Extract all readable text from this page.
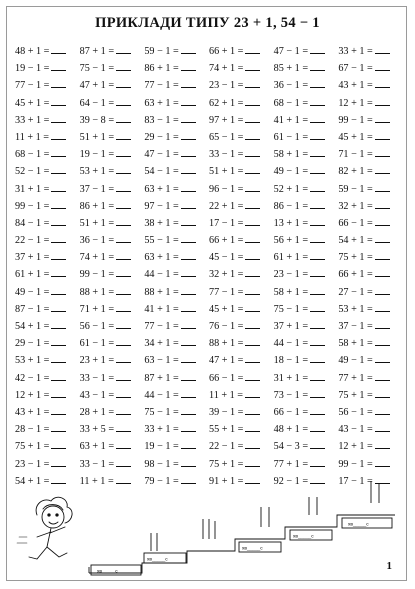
ПРИКЛАДИ ТИПУ 23 + 1, 54 − 1
48 + 1 =	87 + 1 =	59 − 1 =	66 + 1 =	47 − 1 =	33 + 1 =
19 − 1 =	75 − 1 =	86 + 1 =	74 + 1 =	85 + 1 =	67 − 1 =
77 − 1 =	47 + 1 =	77 − 1 =	23 − 1 =	36 − 1 =	43 + 1 =
45 + 1 =	64 − 1 =	63 + 1 =	62 + 1 =	68 − 1 =	12 + 1 =
33 + 1 =	39 − 8 =	83 − 1 =	97 + 1 =	41 + 1 =	99 − 1 =
11 + 1 =	51 + 1 =	29 − 1 =	65 − 1 =	61 − 1 =	45 + 1 =
68 − 1 =	19 − 1 =	47 − 1 =	33 − 1 =	58 + 1 =	71 − 1 =
52 − 1 =	53 + 1 =	54 − 1 =	51 + 1 =	49 − 1 =	82 + 1 =
31 + 1 =	37 − 1 =	63 + 1 =	96 − 1 =	52 + 1 =	59 − 1 =
99 − 1 =	86 + 1 =	97 − 1 =	22 + 1 =	86 − 1 =	32 + 1 =
84 − 1 =	51 + 1 =	38 + 1 =	17 − 1 =	13 + 1 =	66 − 1 =
22 − 1 =	36 − 1 =	55 − 1 =	66 + 1 =	56 + 1 =	54 + 1 =
37 + 1 =	74 + 1 =	63 + 1 =	45 − 1 =	61 + 1 =	75 + 1 =
61 + 1 =	99 − 1 =	44 − 1 =	32 + 1 =	23 − 1 =	66 + 1 =
49 − 1 =	88 + 1 =	88 + 1 =	77 − 1 =	58 + 1 =	27 − 1 =
87 − 1 =	71 + 1 =	41 + 1 =	45 + 1 =	75 − 1 =	53 + 1 =
54 + 1 =	56 − 1 =	77 − 1 =	76 − 1 =	37 + 1 =	37 − 1 =
29 − 1 =	61 − 1 =	34 + 1 =	88 + 1 =	44 − 1 =	58 + 1 =
53 + 1 =	23 + 1 =	63 − 1 =	47 + 1 =	18 − 1 =	49 − 1 =
42 − 1 =	33 − 1 =	87 + 1 =	66 − 1 =	31 + 1 =	77 + 1 =
12 + 1 =	43 − 1 =	44 − 1 =	11 + 1 =	73 − 1 =	75 + 1 =
43 + 1 =	28 + 1 =	75 − 1 =	39 − 1 =	66 − 1 =	56 − 1 =
28 − 1 =	33 + 5 =	33 + 1 =	55 + 1 =	48 + 1 =	43 − 1 =
75 + 1 =	63 + 1 =	19 − 1 =	22 − 1 =	54 − 3 =	12 + 1 =
23 − 1 =	33 − 1 =	98 − 1 =	75 + 1 =	77 + 1 =	99 − 1 =
54 + 1 =	11 + 1 =	79 − 1 =	91 + 1 =	92 − 1 =	17 − 1 =
хв_____с
хв_____с
хв_____с
хв_____с
хв_____с
1
